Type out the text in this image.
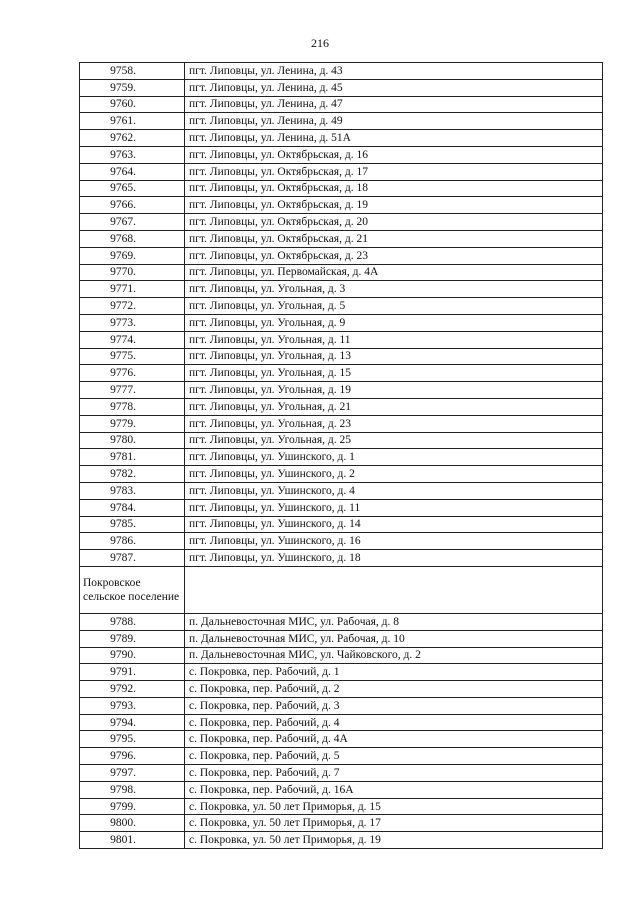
216
9758.	пгт. Липовцы, ул. Ленина, д. 43
9759.	пгт. Липовцы, ул. Ленина, д. 45
9760.	пгт. Липовцы, ул. Ленина, д. 47
9761.	пгт. Липовцы, ул. Ленина, д. 49
9762.	пгт. Липовцы, ул. Ленина, д. 51А
9763.	пгт. Липовцы, ул. Октябрьская, д. 16
9764.	пгт. Липовцы, ул. Октябрьская, д. 17
9765.	пгт. Липовцы, ул. Октябрьская, д. 18
9766.	пгт. Липовцы, ул. Октябрьская, д. 19
9767.	пгт. Липовцы, ул. Октябрьская, д. 20
9768.	пгт. Липовцы, ул. Октябрьская, д. 21
9769.	пгт. Липовцы, ул. Октябрьская, д. 23
9770.	пгт. Липовцы, ул. Первомайская, д. 4А
9771.	пгт. Липовцы, ул. Угольная, д. 3
9772.	пгт. Липовцы, ул. Угольная, д. 5
9773.	пгт. Липовцы, ул. Угольная, д. 9
9774.	пгт. Липовцы, ул. Угольная, д. 11
9775.	пгт. Липовцы, ул. Угольная, д. 13
9776.	пгт. Липовцы, ул. Угольная, д. 15
9777.	пгт. Липовцы, ул. Угольная, д. 19
9778.	пгт. Липовцы, ул. Угольная, д. 21
9779.	пгт. Липовцы, ул. Угольная, д. 23
9780.	пгт. Липовцы, ул. Угольная, д. 25
9781.	пгт. Липовцы, ул. Ушинского, д. 1
9782.	пгт. Липовцы, ул. Ушинского, д. 2
9783.	пгт. Липовцы, ул. Ушинского, д. 4
9784.	пгт. Липовцы, ул. Ушинского, д. 11
9785.	пгт. Липовцы, ул. Ушинского, д. 14
9786.	пгт. Липовцы, ул. Ушинского, д. 16
9787.	пгт. Липовцы, ул. Ушинского, д. 18
Покровское сельское поселение	
9788.	п. Дальневосточная МИС, ул. Рабочая, д. 8
9789.	п. Дальневосточная МИС, ул. Рабочая, д. 10
9790.	п. Дальневосточная МИС, ул. Чайковского, д. 2
9791.	с. Покровка, пер. Рабочий, д. 1
9792.	с. Покровка, пер. Рабочий, д. 2
9793.	с. Покровка, пер. Рабочий, д. 3
9794.	с. Покровка, пер. Рабочий, д. 4
9795.	с. Покровка, пер. Рабочий, д. 4А
9796.	с. Покровка, пер. Рабочий, д. 5
9797.	с. Покровка, пер. Рабочий, д. 7
9798.	с. Покровка, пер. Рабочий, д. 16А
9799.	с. Покровка, ул. 50 лет Приморья, д. 15
9800.	с. Покровка, ул. 50 лет Приморья, д. 17
9801.	с. Покровка, ул. 50 лет Приморья, д. 19
